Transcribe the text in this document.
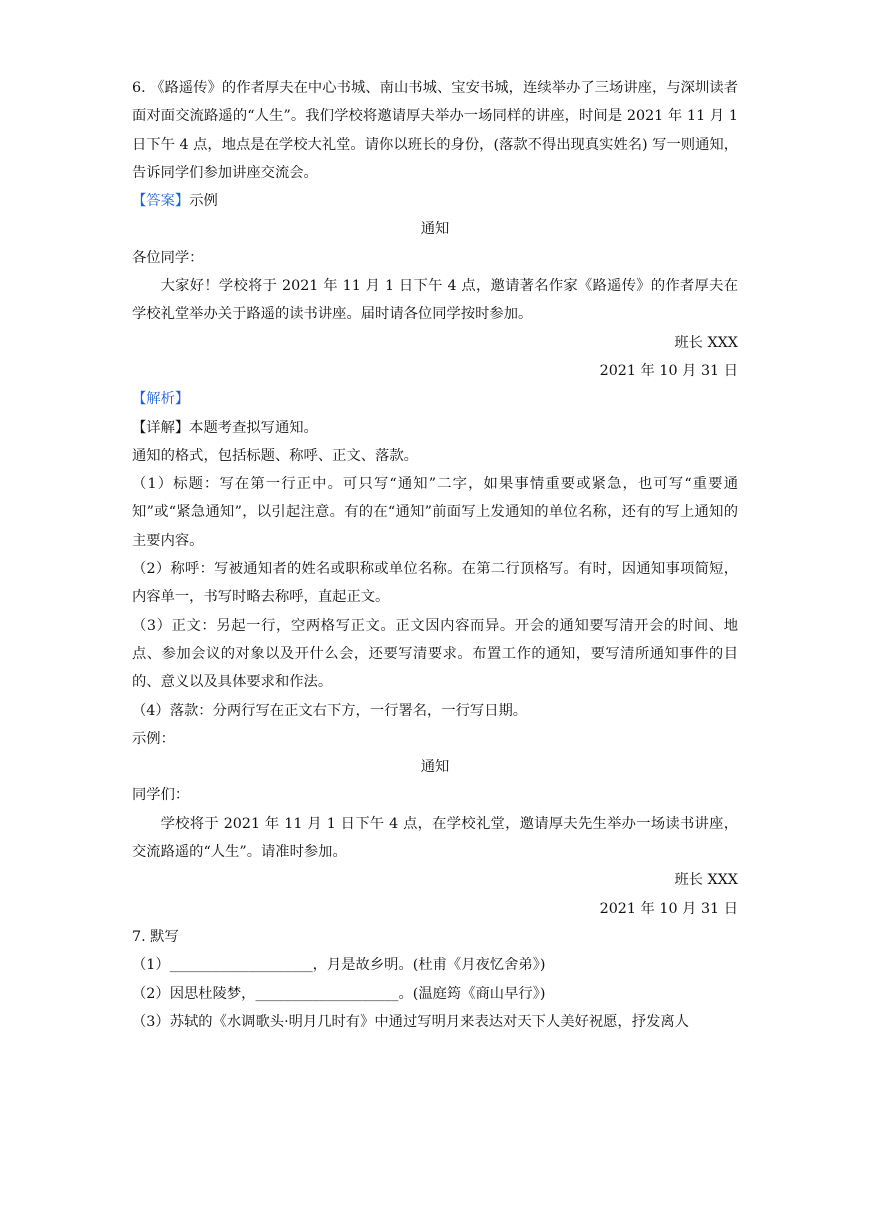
6. 《路遥传》的作者厚夫在中心书城、南山书城、宝安书城，连续举办了三场讲座，与深圳读者面对面交流路遥的“人生”。我们学校将邀请厚夫举办一场同样的讲座，时间是 2021 年 11 月 1 日下午 4 点，地点是在学校大礼堂。请你以班长的身份，(落款不得出现真实姓名) 写一则通知，告诉同学们参加讲座交流会。

【答案】示例

通知

各位同学：

大家好！学校将于 2021 年 11 月 1 日下午 4 点，邀请著名作家《路遥传》的作者厚夫在学校礼堂举办关于路遥的读书讲座。届时请各位同学按时参加。

班长 XXX

2021 年 10 月 31 日

【解析】

【详解】本题考查拟写通知。

通知的格式，包括标题、称呼、正文、落款。

（1）标题：写在第一行正中。可只写“通知”二字，如果事情重要或紧急，也可写“重要通知”或“紧急通知”，以引起注意。有的在“通知”前面写上发通知的单位名称，还有的写上通知的主要内容。

（2）称呼：写被通知者的姓名或职称或单位名称。在第二行顶格写。有时，因通知事项简短，内容单一，书写时略去称呼，直起正文。

（3）正文：另起一行，空两格写正文。正文因内容而异。开会的通知要写清开会的时间、地点、参加会议的对象以及开什么会，还要写清要求。布置工作的通知，要写清所通知事件的目的、意义以及具体要求和作法。

（4）落款：分两行写在正文右下方，一行署名，一行写日期。

示例：

通知

同学们：

学校将于 2021 年 11 月 1 日下午 4 点，在学校礼堂，邀请厚夫先生举办一场读书讲座，交流路遥的“人生”。请准时参加。

班长 XXX

2021 年 10 月 31 日

7. 默写

（1）____________________，月是故乡明。(杜甫《月夜忆舍弟》)

（2）因思杜陵梦，____________________。(温庭筠《商山早行》)

（3）苏轼的《水调歌头·明月几时有》中通过写明月来表达对天下人美好祝愿，抒发离人
